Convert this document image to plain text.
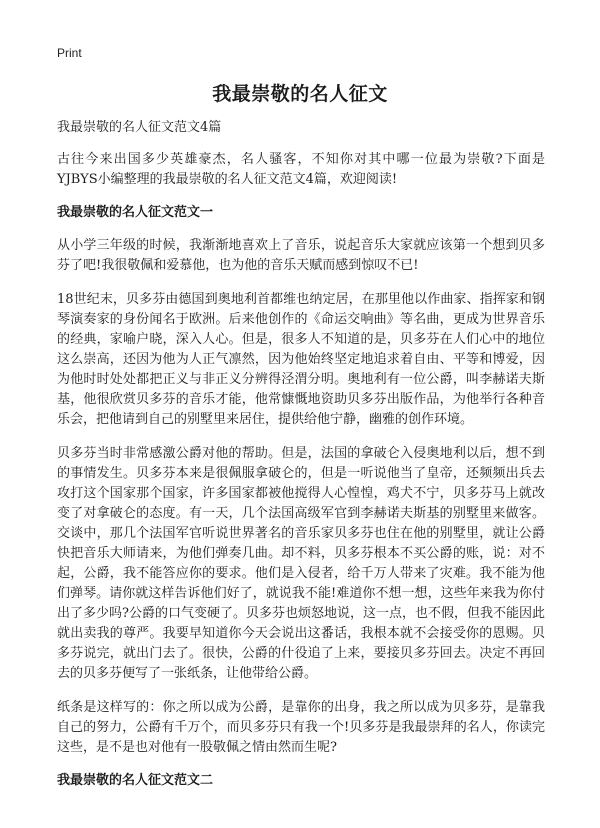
Print

我最崇敬的名人征文

我最崇敬的名人征文范文4篇

古往今来出国多少英雄豪杰，名人骚客，不知你对其中哪一位最为崇敬?下面是YJBYS小编整理的我最崇敬的名人征文范文4篇，欢迎阅读!

我最崇敬的名人征文范文一

从小学三年级的时候，我渐渐地喜欢上了音乐，说起音乐大家就应该第一个想到贝多芬了吧!我很敬佩和爱慕他，也为他的音乐天赋而感到惊叹不已!

18世纪末，贝多芬由德国到奥地利首都维也纳定居，在那里他以作曲家、指挥家和钢琴演奏家的身份闻名于欧洲。后来他创作的《命运交响曲》等名曲，更成为世界音乐的经典，家喻户晓，深入人心。但是，很多人不知道的是，贝多芬在人们心中的地位这么崇高，还因为他为人正气凛然，因为他始终坚定地追求着自由、平等和博爱，因为他时时处处都把正义与非正义分辨得泾渭分明。奥地利有一位公爵，叫李赫诺夫斯基，他很欣赏贝多芬的音乐才能，他常慷慨地资助贝多芬出版作品，为他举行各种音乐会，把他请到自己的别墅里来居住，提供给他宁静，幽雅的创作环境。

贝多芬当时非常感激公爵对他的帮助。但是，法国的拿破仑入侵奥地利以后，想不到的事情发生。贝多芬本来是很佩服拿破仑的，但是一听说他当了皇帝，还频频出兵去攻打这个国家那个国家，许多国家都被他搅得人心惶惶，鸡犬不宁，贝多芬马上就改变了对拿破仑的态度。有一天，几个法国高级军官到李赫诺夫斯基的别墅里来做客。交谈中，那几个法国军官听说世界著名的音乐家贝多芬也住在他的别墅里，就让公爵快把音乐大师请来，为他们弹奏几曲。却不料，贝多芬根本不买公爵的账，说：对不起，公爵，我不能答应你的要求。他们是入侵者，给千万人带来了灾难。我不能为他们弹琴。请你就这样告诉他们好了，就说我不能!难道你不想一想，这些年来我为你付出了多少吗?公爵的口气变硬了。贝多芬也烦怒地说，这一点，也不假，但我不能因此就出卖我的尊严。我要早知道你今天会说出这番话，我根本就不会接受你的恩赐。贝多芬说完，就出门去了。很快，公爵的什役追了上来，要接贝多芬回去。决定不再回去的贝多芬便写了一张纸条，让他带给公爵。

纸条是这样写的：你之所以成为公爵，是靠你的出身，我之所以成为贝多芬，是靠我自己的努力，公爵有千万个，而贝多芬只有我一个!贝多芬是我最崇拜的名人，你读完这些，是不是也对他有一股敬佩之情由然而生呢?

我最崇敬的名人征文范文二
